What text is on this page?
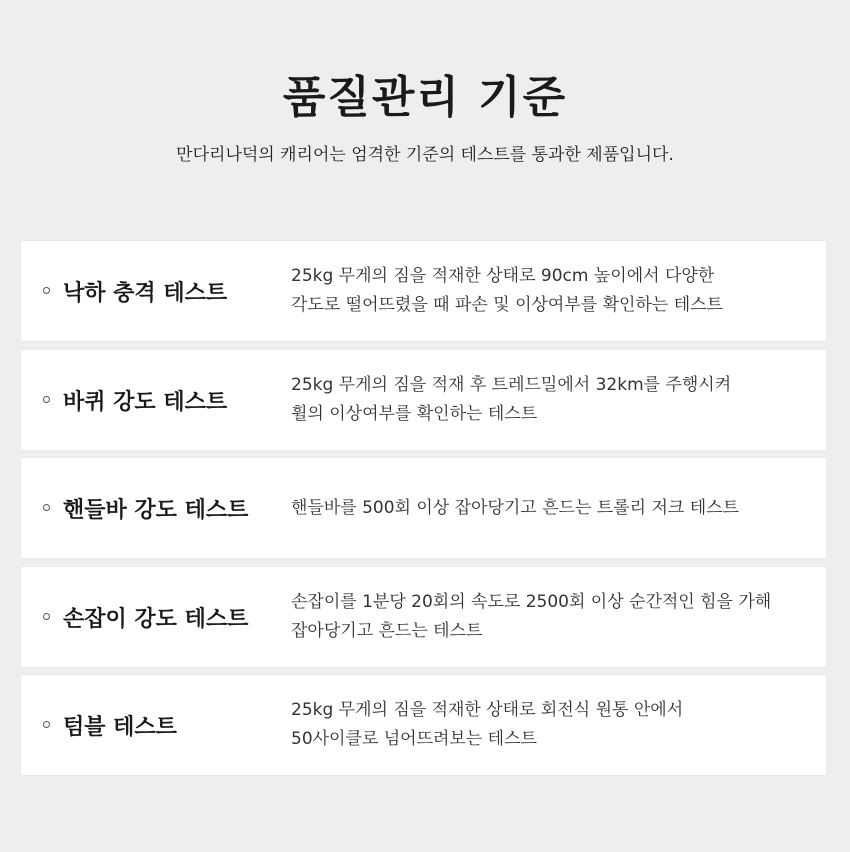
품질관리 기준
만다리나덕의 캐리어는 엄격한 기준의 테스트를 통과한 제품입니다.
낙하 충격 테스트
25kg 무게의 짐을 적재한 상태로 90cm 높이에서 다양한
각도로 떨어뜨렸을 때 파손 및 이상여부를 확인하는 테스트
바퀴 강도 테스트
25kg 무게의 짐을 적재 후 트레드밀에서 32km를 주행시켜
휠의 이상여부를 확인하는 테스트
핸들바 강도 테스트	핸들바를 500회 이상 잡아당기고 흔드는 트롤리 저크 테스트
손잡이 강도 테스트
손잡이를 1분당 20회의 속도로 2500회 이상 순간적인 힘을 가해
잡아당기고 흔드는 테스트
텀블 테스트
25kg 무게의 짐을 적재한 상태로 회전식 원통 안에서
50사이클로 넘어뜨려보는 테스트
